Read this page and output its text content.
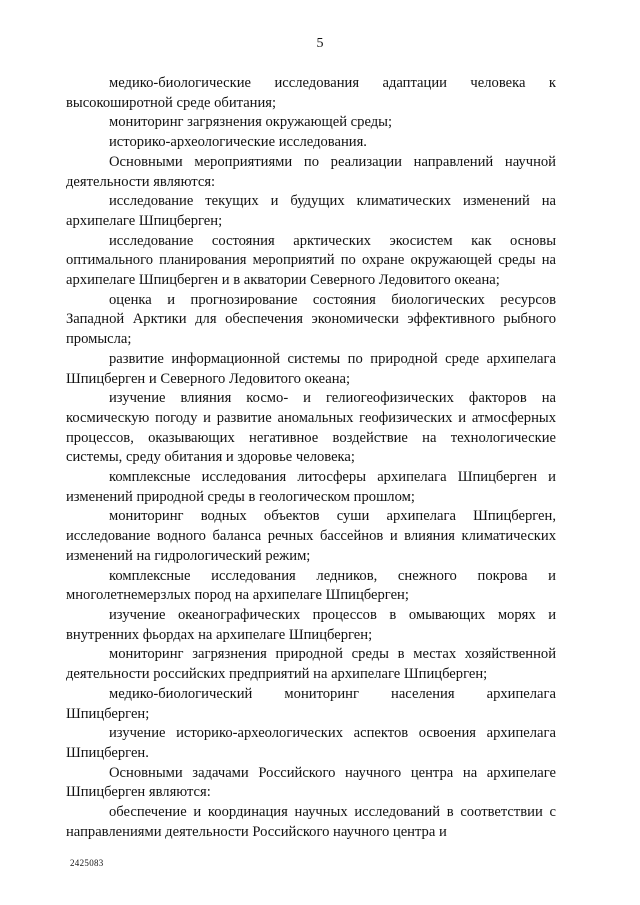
5

медико-биологические исследования адаптации человека к высокоширотной среде обитания;

мониторинг загрязнения окружающей среды;

историко-археологические исследования.

Основными мероприятиями по реализации направлений научной деятельности являются:

исследование текущих и будущих климатических изменений на архипелаге Шпицберген;

исследование состояния арктических экосистем как основы оптимального планирования мероприятий по охране окружающей среды на архипелаге Шпицберген и в акватории Северного Ледовитого океана;

оценка и прогнозирование состояния биологических ресурсов Западной Арктики для обеспечения экономически эффективного рыбного промысла;

развитие информационной системы по природной среде архипелага Шпицберген и Северного Ледовитого океана;

изучение влияния космо- и гелиогеофизических факторов на космическую погоду и развитие аномальных геофизических и атмосферных процессов, оказывающих негативное воздействие на технологические системы, среду обитания и здоровье человека;

комплексные исследования литосферы архипелага Шпицберген и изменений природной среды в геологическом прошлом;

мониторинг водных объектов суши архипелага Шпицберген, исследование водного баланса речных бассейнов и влияния климатических изменений на гидрологический режим;

комплексные исследования ледников, снежного покрова и многолетнемерзлых пород на архипелаге Шпицберген;

изучение океанографических процессов в омывающих морях и внутренних фьордах на архипелаге Шпицберген;

мониторинг загрязнения природной среды в местах хозяйственной деятельности российских предприятий на архипелаге Шпицберген;

медико-биологический мониторинг населения архипелага Шпицберген;

изучение историко-археологических аспектов освоения архипелага Шпицберген.

Основными задачами Российского научного центра на архипелаге Шпицберген являются:

обеспечение и координация научных исследований в соответствии с направлениями деятельности Российского научного центра и

2425083
